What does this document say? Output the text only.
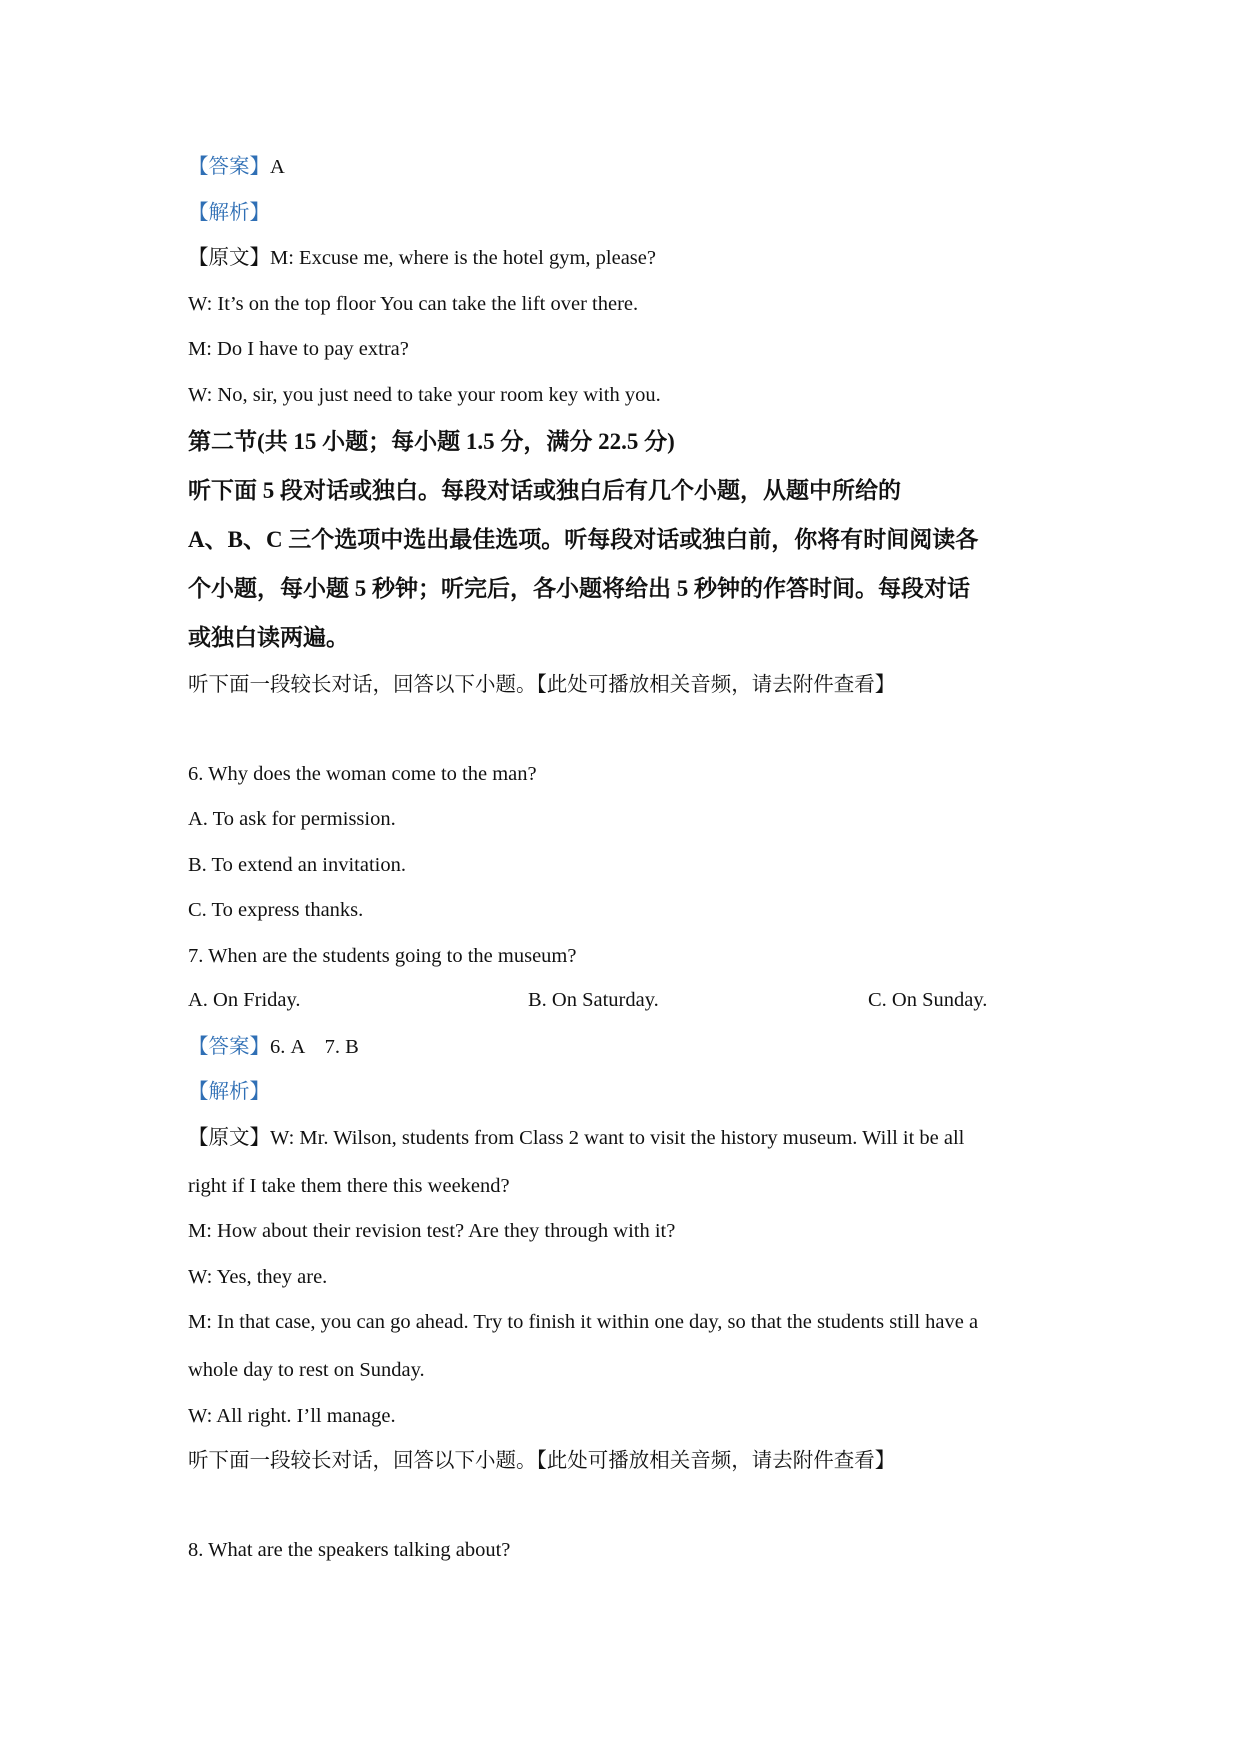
【答案】A
【解析】
【原文】M: Excuse me, where is the hotel gym, please?
W: It’s on the top floor You can take the lift over there.
M: Do I have to pay extra?
W: No, sir, you just need to take your room key with you.
第二节(共 15 小题；每小题 1.5 分，满分 22.5 分)
听下面 5 段对话或独白。每段对话或独白后有几个小题，从题中所给的
A、B、C 三个选项中选出最佳选项。听每段对话或独白前，你将有时间阅读各
个小题，每小题 5 秒钟；听完后，各小题将给出 5 秒钟的作答时间。每段对话
或独白读两遍。
听下面一段较长对话，回答以下小题。【此处可播放相关音频，请去附件查看】
6. Why does the woman come to the man?
A. To ask for permission.
B. To extend an invitation.
C. To express thanks.
7. When are the students going to the museum?
A. On Friday.	B. On Saturday.	C. On Sunday.
【答案】6. A    7. B
【解析】
【原文】W: Mr. Wilson, students from Class 2 want to visit the history museum. Will it be all
right if I take them there this weekend?
M: How about their revision test? Are they through with it?
W: Yes, they are.
M: In that case, you can go ahead. Try to finish it within one day, so that the students still have a
whole day to rest on Sunday.
W: All right. I’ll manage.
听下面一段较长对话，回答以下小题。【此处可播放相关音频，请去附件查看】
8. What are the speakers talking about?
